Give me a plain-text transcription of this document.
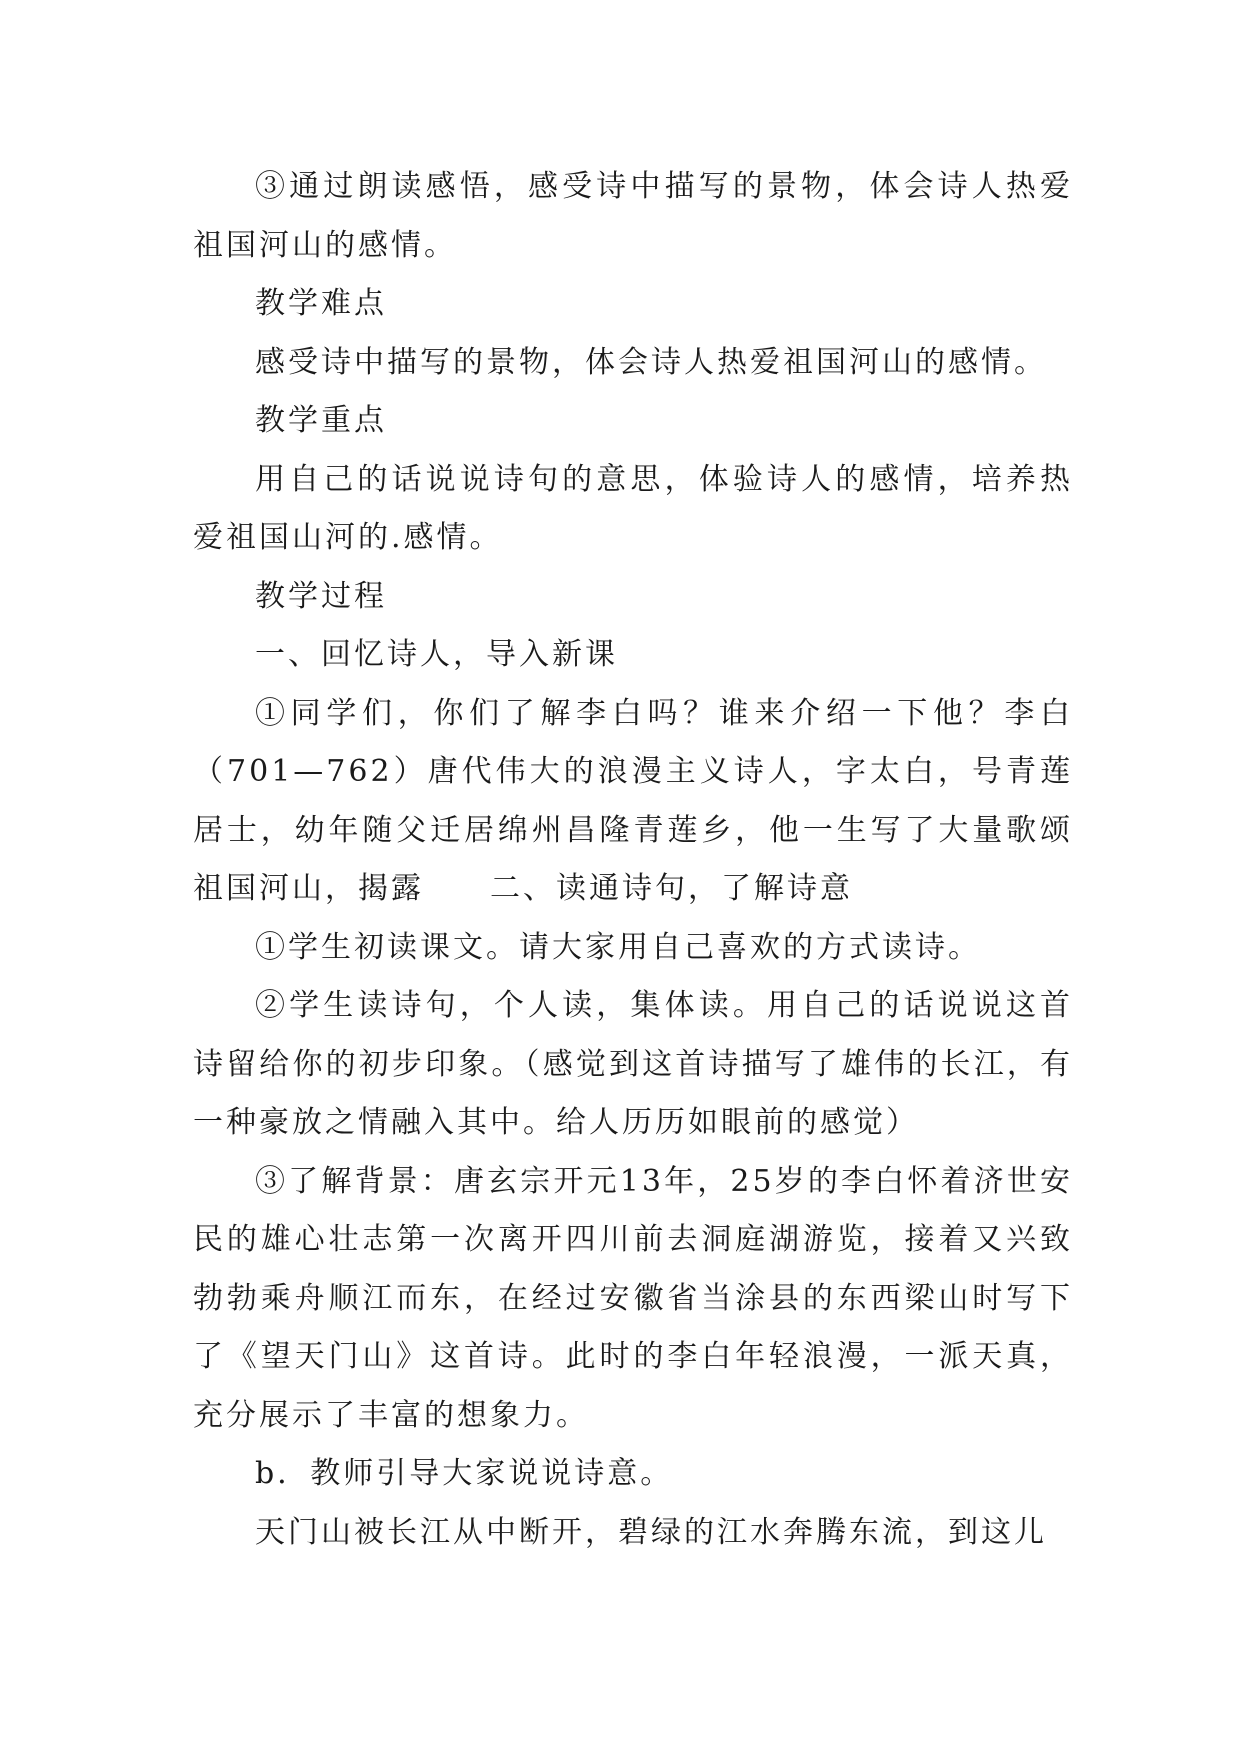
③通过朗读感悟，感受诗中描写的景物，体会诗人热爱祖国河山的感情。

教学难点

感受诗中描写的景物，体会诗人热爱祖国河山的感情。

教学重点

用自己的话说说诗句的意思，体验诗人的感情，培养热爱祖国山河的.感情。

教学过程

一、回忆诗人，导入新课

①同学们，你们了解李白吗？谁来介绍一下他？李白（701—762）唐代伟大的浪漫主义诗人，字太白，号青莲居士，幼年随父迁居绵州昌隆青莲乡，他一生写了大量歌颂祖国河山，揭露　　二、读通诗句，了解诗意

①学生初读课文。请大家用自己喜欢的方式读诗。

②学生读诗句，个人读，集体读。用自己的话说说这首诗留给你的初步印象。（感觉到这首诗描写了雄伟的长江，有一种豪放之情融入其中。给人历历如眼前的感觉）

③了解背景：唐玄宗开元13年，25岁的李白怀着济世安民的雄心壮志第一次离开四川前去洞庭湖游览，接着又兴致勃勃乘舟顺江而东，在经过安徽省当涂县的东西梁山时写下了《望天门山》这首诗。此时的李白年轻浪漫，一派天真，充分展示了丰富的想象力。

b．教师引导大家说说诗意。

天门山被长江从中断开，碧绿的江水奔腾东流，到这儿
